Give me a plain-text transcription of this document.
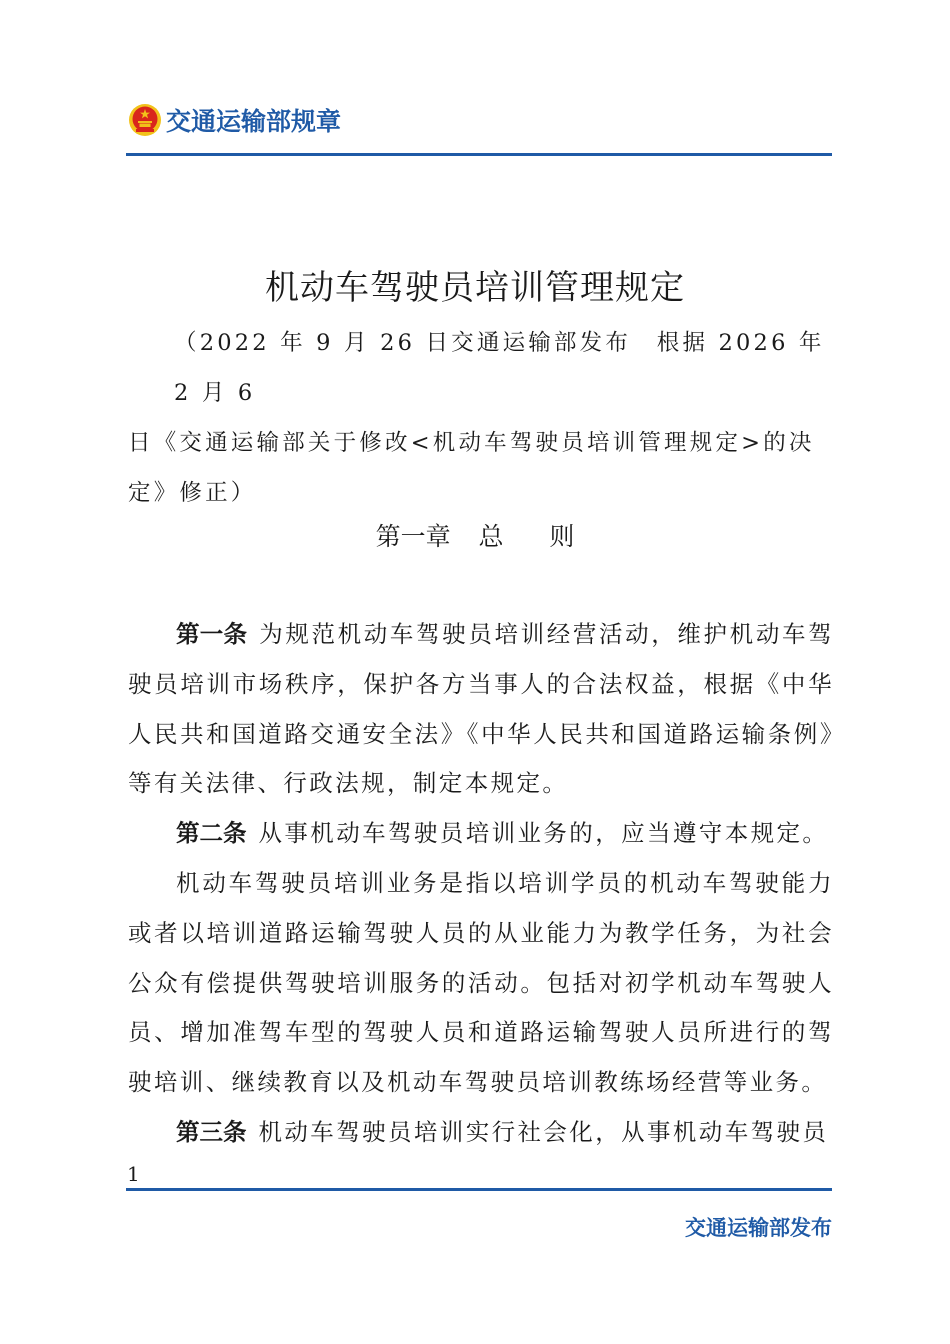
交通运输部规章
机动车驾驶员培训管理规定
（2022 年 9 月 26 日交通运输部发布　根据 2026 年 2 月 6
日《交通运输部关于修改<机动车驾驶员培训管理规定>的决
定》修正）
第一章 总 则

第一条 为规范机动车驾驶员培训经营活动，维护机动车驾驶员培训市场秩序，保护各方当事人的合法权益，根据《中华人民共和国道路交通安全法》《中华人民共和国道路运输条例》等有关法律、行政法规，制定本规定。

第二条 从事机动车驾驶员培训业务的，应当遵守本规定。

机动车驾驶员培训业务是指以培训学员的机动车驾驶能力或者以培训道路运输驾驶人员的从业能力为教学任务，为社会公众有偿提供驾驶培训服务的活动。包括对初学机动车驾驶人员、增加准驾车型的驾驶人员和道路运输驾驶人员所进行的驾驶培训、继续教育以及机动车驾驶员培训教练场经营等业务。

第三条 机动车驾驶员培训实行社会化，从事机动车驾驶员

1
交通运输部发布
